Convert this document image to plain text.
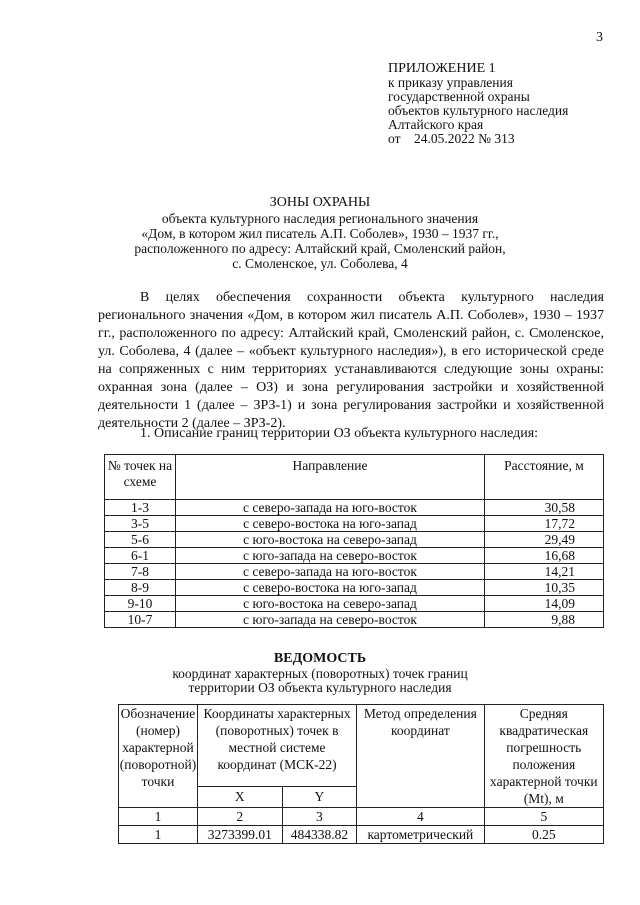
3
ПРИЛОЖЕНИЕ 1
к приказу управления
государственной охраны
объектов культурного наследия
Алтайского края
от    24.05.2022 № 313
ЗОНЫ ОХРАНЫ
объекта культурного наследия регионального значения
«Дом, в котором жил писатель А.П. Соболев», 1930 – 1937 гг.,
расположенного по адресу: Алтайский край, Смоленский район,
с. Смоленское, ул. Соболева, 4

В целях обеспечения сохранности объекта культурного наследия регионального значения «Дом, в котором жил писатель А.П. Соболев», 1930 – 1937 гг., расположенного по адресу: Алтайский край, Смоленский район, с. Смоленское, ул. Соболева, 4 (далее – «объект культурного наследия»), в его исторической среде на сопряженных с ним территориях устанавливаются следующие зоны охраны: охранная зона (далее – ОЗ) и зона регулирования застройки и хозяйственной деятельности 1 (далее – ЗРЗ-1) и зона регулирования застройки и хозяйственной деятельности 2 (далее – ЗРЗ-2).

1. Описание границ территории ОЗ объекта культурного наследия:
№ точек на схеме	Направление	Расстояние, м

1-3	с северо-запада на юго-восток	30,58
3-5	с северо-востока на юго-запад	17,72
5-6	с юго-востока на северо-запад	29,49
6-1	с юго-запада на северо-восток	16,68
7-8	с северо-запада на юго-восток	14,21
8-9	с северо-востока на юго-запад	10,35
9-10	с юго-востока на северо-запад	14,09
10-7	с юго-запада на северо-восток	9,88
ВЕДОМОСТЬ
координат характерных (поворотных) точек границ
территории ОЗ объекта культурного наследия
Обозначение (номер) характерной (поворотной) точки	Координаты характерных (поворотных) точек в местной системе координат (МСК-22)		Метод определения координат	Средняя квадратическая погрешность положения характерной точки (Mt), м
	X	Y		
1	2	3	4	5
1	3273399.01	484338.82	картометрический	0.25
